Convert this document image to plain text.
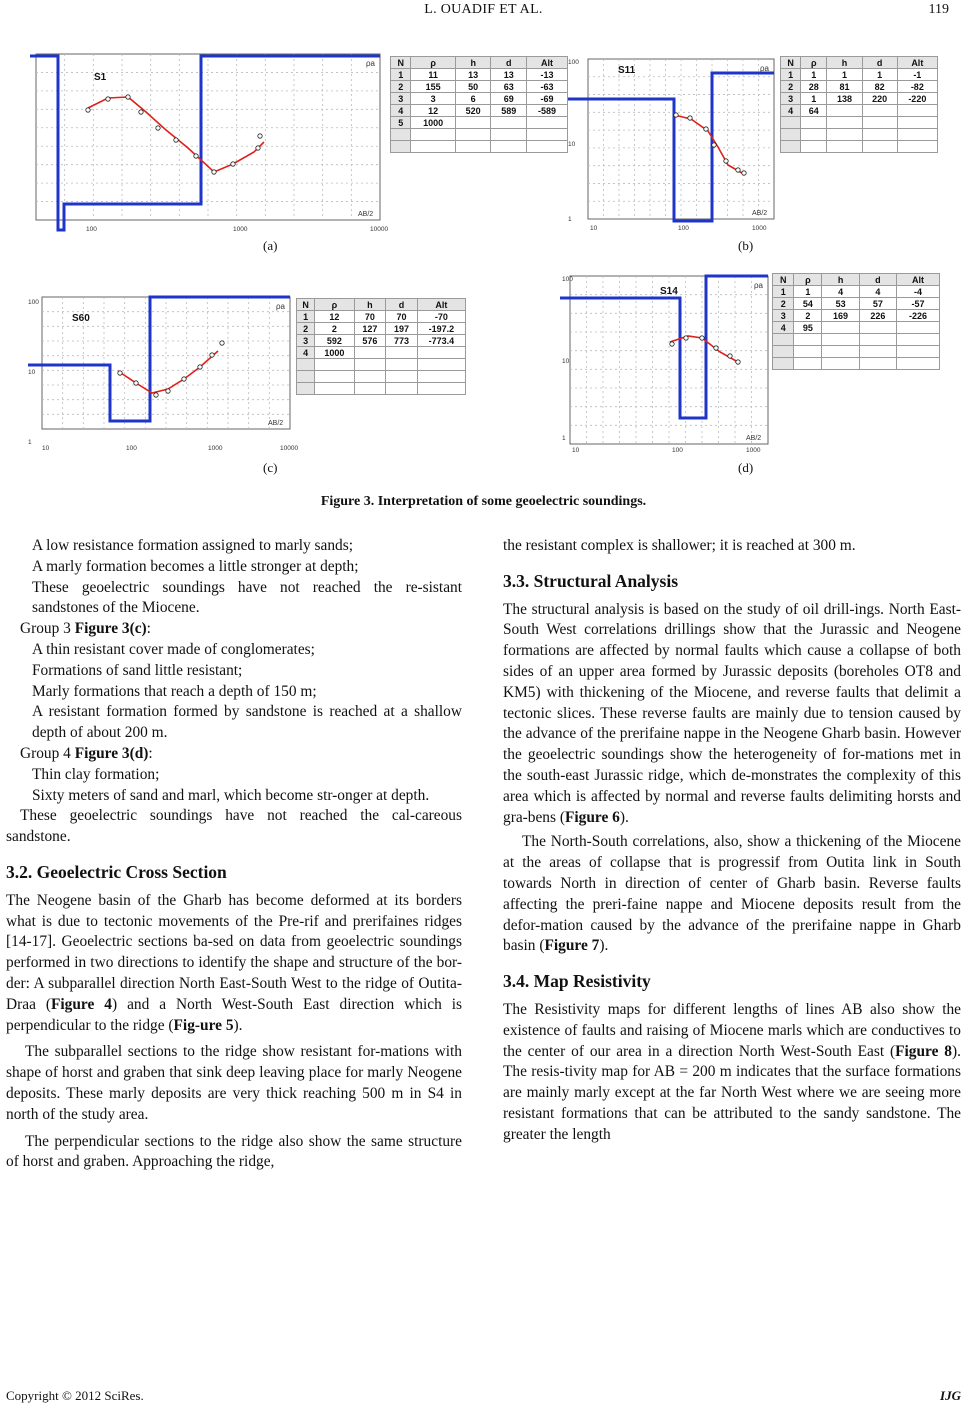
L. OUADIF ET AL.	119
S1
ρa
AB/2
100	1000	10000
S11	ρa
AB/2
10	100	1000
100
10
1
S60
ρa
AB/2
10	100	1000	10000
100
10
1
S14
ρa
AB/2
10	100	1000
100
10
1
N	ρ	h	d	Alt
1	11	13	13	-13
2	155	50	63	-63
3	3	6	69	-69
4	12	520	589	-589
5	1000			

N	ρ	h	d	Alt
1	1	1	1	-1
2	28	81	82	-82
3	1	138	220	-220
4	64			

N	ρ	h	d	Alt
1	12	70	70	-70
2	2	127	197	-197.2
3	592	576	773	-773.4
4	1000			

N	ρ	h	d	Alt
1	1	4	4	-4
2	54	53	57	-57
3	2	169	226	-226
4	95			

(a)	(b)
(c)	(d)
Figure 3. Interpretation of some geoelectric soundings.

A low resistance formation assigned to marly sands;

A marly formation becomes a little stronger at depth;

These geoelectric soundings have not reached the re-sistant sandstones of the Miocene.

Group 3 Figure 3(c):

A thin resistant cover made of conglomerates;

Formations of sand little resistant;

Marly formations that reach a depth of 150 m;

A resistant formation formed by sandstone is reached at a shallow depth of about 200 m.

Group 4 Figure 3(d):

Thin clay formation;

Sixty meters of sand and marl, which become str-onger at depth.

These geoelectric soundings have not reached the cal-careous sandstone.

3.2. Geoelectric Cross Section

The Neogene basin of the Gharb has become deformed at its borders what is due to tectonic movements of the Pre-rif and prerifaines ridges [14-17]. Geoelectric sections ba-sed on data from geoelectric soundings performed in two directions to identify the shape and structure of the bor-der: A subparallel direction North East-South West to the ridge of Outita-Draa (Figure 4) and a North West-South East direction which is perpendicular to the ridge (Fig-ure 5).

The subparallel sections to the ridge show resistant for-mations with shape of horst and graben that sink deep leaving place for marly Neogene deposits. These marly deposits are very thick reaching 500 m in S4 in north of the study area.

The perpendicular sections to the ridge also show the same structure of horst and graben. Approaching the ridge,

the resistant complex is shallower; it is reached at 300 m.

3.3. Structural Analysis

The structural analysis is based on the study of oil drill-ings. North East-South West correlations drillings show that the Jurassic and Neogene formations are affected by normal faults which cause a collapse of both sides of an upper area formed by Jurassic deposits (boreholes OT8 and KM5) with thickening of the Miocene, and reverse faults that delimit a tectonic slices. These reverse faults are mainly due to tension caused by the advance of the prerifaine nappe in the Neogene Gharb basin. However the geoelectric soundings show the heterogeneity of for-mations met in the south-east Jurassic ridge, which de-monstrates the complexity of this area which is affected by normal and reverse faults delimiting horsts and gra-bens (Figure 6).

The North-South correlations, also, show a thickening of the Miocene at the areas of collapse that is progressif from Outita link in South towards North in direction of center of Gharb basin. Reverse faults affecting the preri-faine nappe and Miocene deposits result from the defor-mation caused by the advance of the prerifaine nappe in Gharb basin (Figure 7).

3.4. Map Resistivity

The Resistivity maps for different lengths of lines AB also show the existence of faults and raising of Miocene marls which are conductives to the center of our area in a direction North West-South East (Figure 8). The resis-tivity map for AB = 200 m indicates that the surface formations are mainly marly except at the far North West where we are seeing more resistant formations that can be attributed to the sandy sandstone. The greater the length

Copyright © 2012 SciRes.	IJG
